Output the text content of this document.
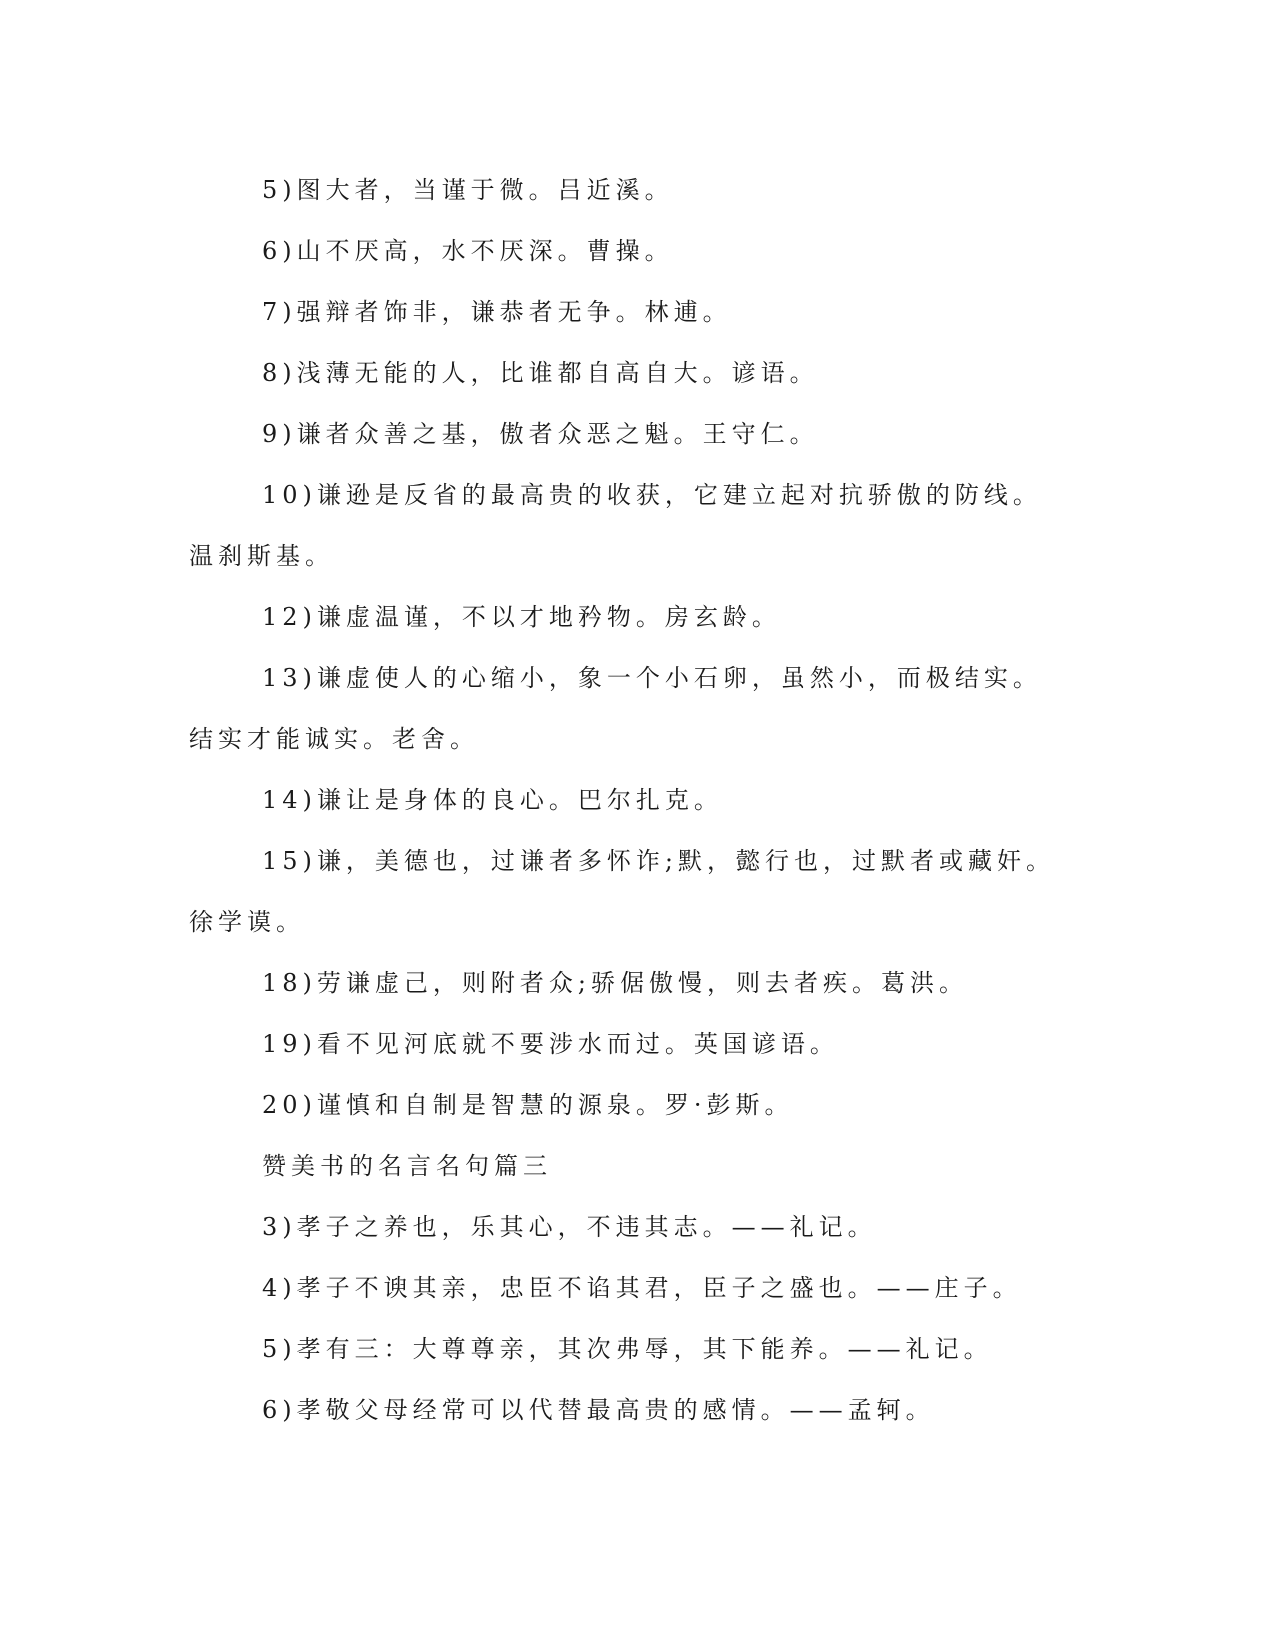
5)图大者，当谨于微。吕近溪。

6)山不厌高，水不厌深。曹操。

7)强辩者饰非，谦恭者无争。林逋。

8)浅薄无能的人，比谁都自高自大。谚语。

9)谦者众善之基，傲者众恶之魁。王守仁。

10)谦逊是反省的最高贵的收获，它建立起对抗骄傲的防线。温刹斯基。

12)谦虚温谨，不以才地矜物。房玄龄。

13)谦虚使人的心缩小，象一个小石卵，虽然小，而极结实。结实才能诚实。老舍。

14)谦让是身体的良心。巴尔扎克。

15)谦，美德也，过谦者多怀诈;默，懿行也，过默者或藏奸。徐学谟。

18)劳谦虚己，则附者众;骄倨傲慢，则去者疾。葛洪。

19)看不见河底就不要涉水而过。英国谚语。

20)谨慎和自制是智慧的源泉。罗·彭斯。

赞美书的名言名句篇三

3)孝子之养也，乐其心，不违其志。——礼记。

4)孝子不谀其亲，忠臣不谄其君，臣子之盛也。——庄子。

5)孝有三：大尊尊亲，其次弗辱，其下能养。——礼记。

6)孝敬父母经常可以代替最高贵的感情。——孟轲。
